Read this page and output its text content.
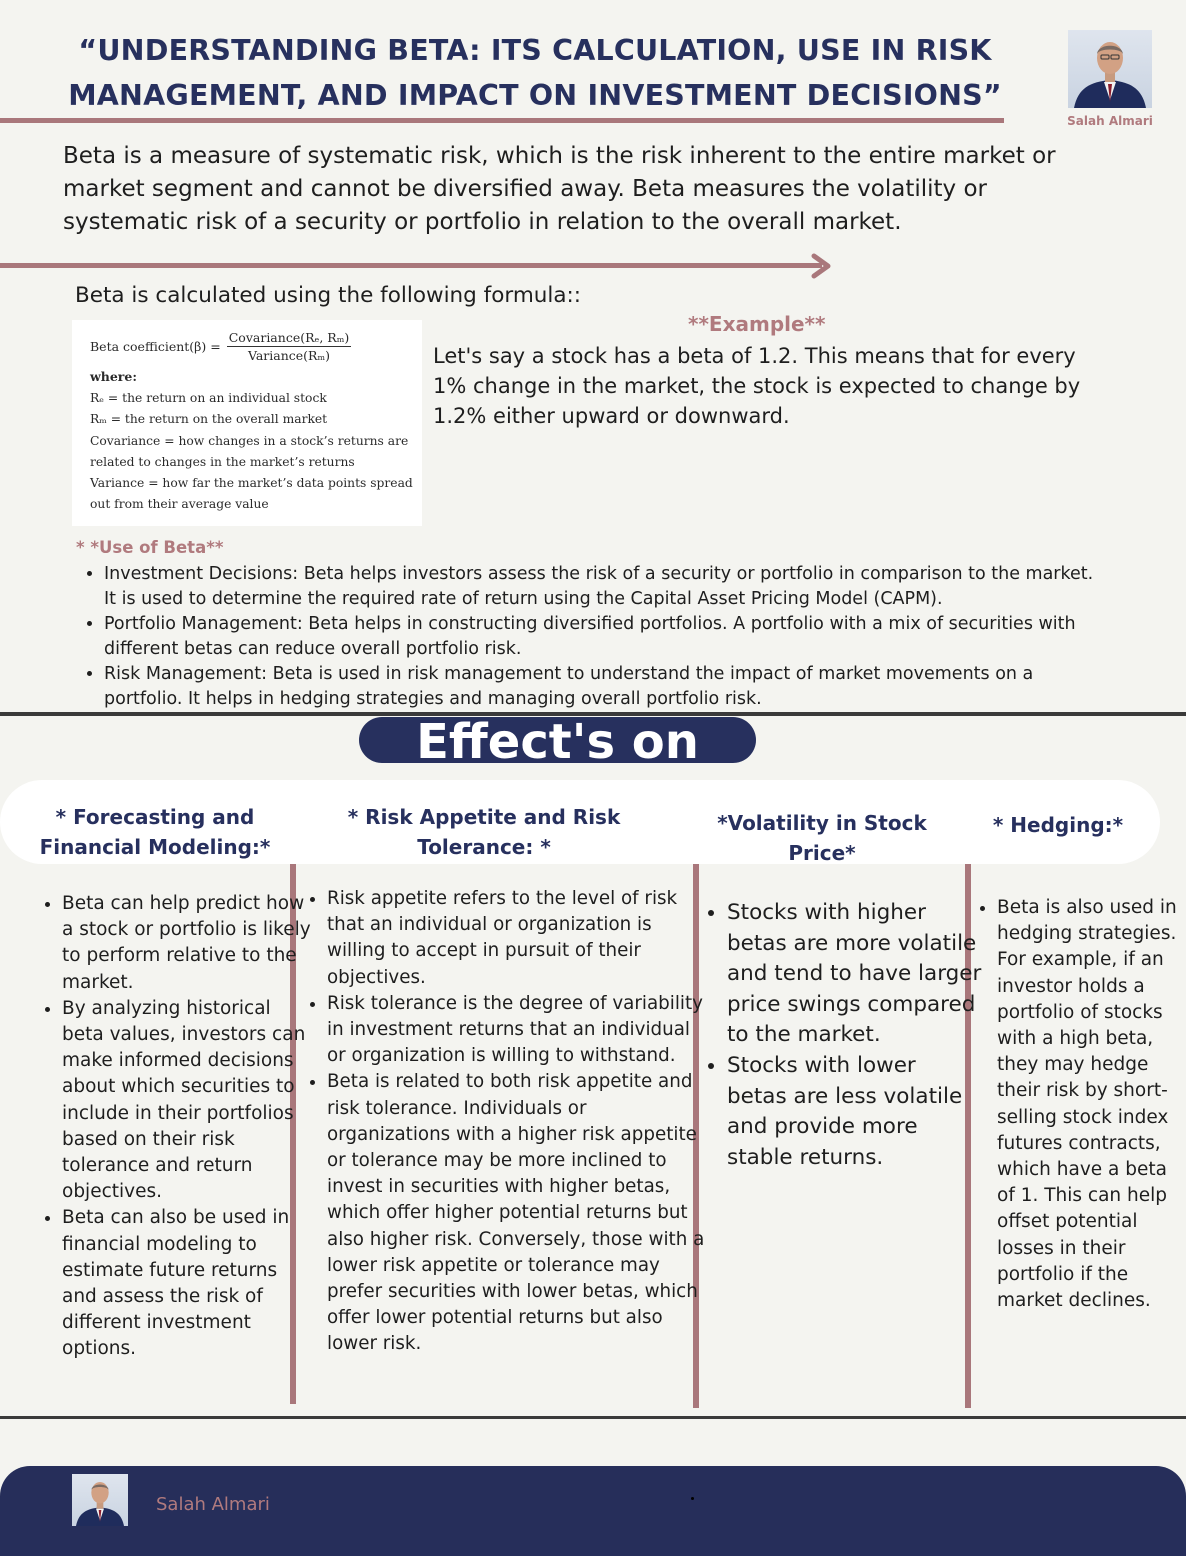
“UNDERSTANDING BETA: ITS CALCULATION, USE IN RISK MANAGEMENT, AND IMPACT ON INVESTMENT DECISIONS”
Salah Almari
Beta is a measure of systematic risk, which is the risk inherent to the entire market or market segment and cannot be diversified away. Beta measures the volatility or systematic risk of a security or portfolio in relation to the overall market.
Beta is calculated using the following formula::
Beta coefficient(β) = $\frac{\text{Covariance(Rₑ, Rₘ)}}{\text{Variance(Rₘ)}}$
where:
Rₑ = the return on an individual stock
Rₘ = the return on the overall market
Covariance = how changes in a stock’s returns are
related to changes in the market’s returns
Variance = how far the market’s data points spread
out from their average value
**Example**
Let's say a stock has a beta of 1.2. This means that for every 1% change in the market, the stock is expected to change by 1.2% either upward or downward.
* *Use of Beta**
• Investment Decisions: Beta helps investors assess the risk of a security or portfolio in comparison to the market. It is used to determine the required rate of return using the Capital Asset Pricing Model (CAPM).
• Portfolio Management: Beta helps in constructing diversified portfolios. A portfolio with a mix of securities with different betas can reduce overall portfolio risk.
• Risk Management: Beta is used in risk management to understand the impact of market movements on a portfolio. It helps in hedging strategies and managing overall portfolio risk.
Effect's on
* Forecasting and Financial Modeling:*
* Risk Appetite and Risk Tolerance: *
*Volatility in Stock Price*
* Hedging:*
• Beta can help predict how a stock or portfolio is likely to perform relative to the market.
• By analyzing historical beta values, investors can make informed decisions about which securities to include in their portfolios based on their risk tolerance and return objectives.
• Beta can also be used in financial modeling to estimate future returns and assess the risk of different investment options.
• Risk appetite refers to the level of risk that an individual or organization is willing to accept in pursuit of their objectives.
• Risk tolerance is the degree of variability in investment returns that an individual or organization is willing to withstand.
• Beta is related to both risk appetite and risk tolerance. Individuals or organizations with a higher risk appetite or tolerance may be more inclined to invest in securities with higher betas, which offer higher potential returns but also higher risk. Conversely, those with a lower risk appetite or tolerance may prefer securities with lower betas, which offer lower potential returns but also lower risk.
• Stocks with higher betas are more volatile and tend to have larger price swings compared to the market.
• Stocks with lower betas are less volatile and provide more stable returns.
• Beta is also used in hedging strategies. For example, if an investor holds a portfolio of stocks with a high beta, they may hedge their risk by short-selling stock index futures contracts, which have a beta of 1. This can help offset potential losses in their portfolio if the market declines.
Salah Almari
